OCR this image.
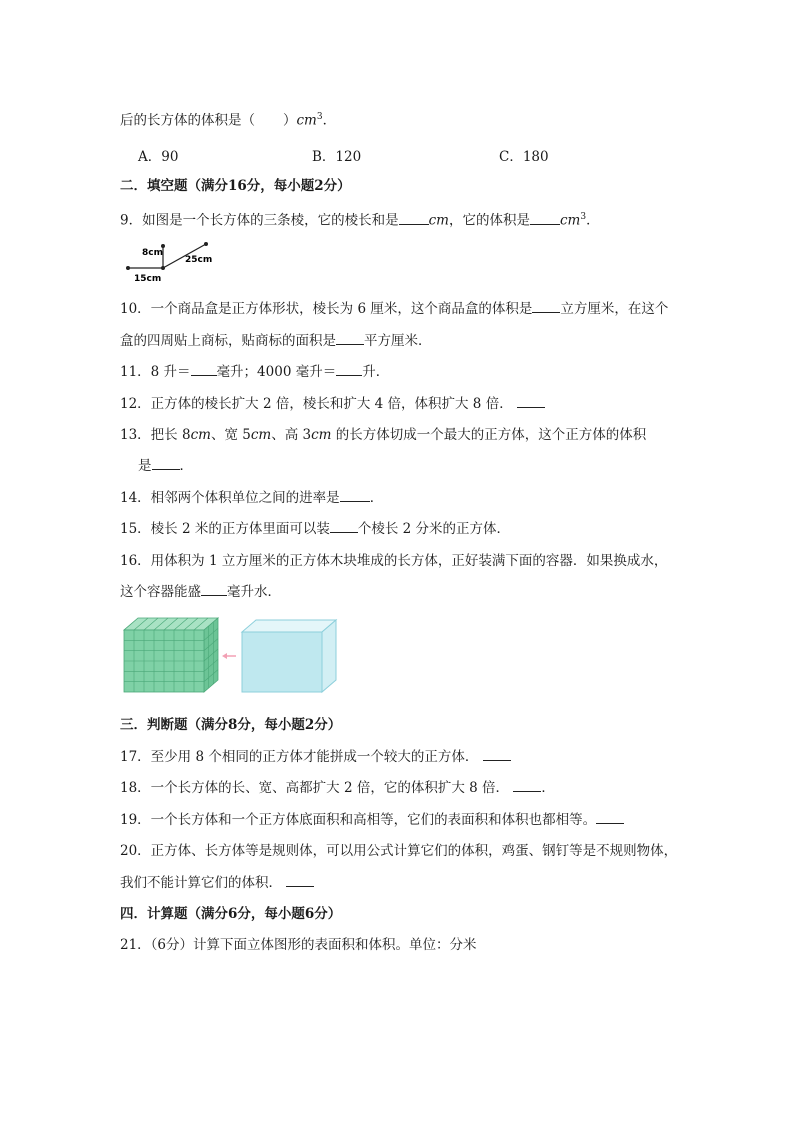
后的长方体的体积是（ ）$cm^3$．
A．90	B．120	C．180
二．填空题（满分16分，每小题2分）
9．如图是一个长方体的三条棱，它的棱长和是 cm，它的体积是 $cm^3$．
8cm
25cm
15cm
10．一个商品盒是正方体形状，棱长为 6 厘米，这个商品盒的体积是 立方厘米，在这个
盒的四周贴上商标，贴商标的面积是 平方厘米．
11．8 升＝ 毫升；4000 毫升＝ 升．
12．正方体的棱长扩大 2 倍，棱长和扩大 4 倍，体积扩大 8 倍．
13．把长 8cm、宽 5cm、高 3cm 的长方体切成一个最大的正方体，这个正方体的体积
是 ．
14．相邻两个体积单位之间的进率是 ．
15．棱长 2 米的正方体里面可以装 个棱长 2 分米的正方体．
16．用体积为 1 立方厘米的正方体木块堆成的长方体，正好装满下面的容器．如果换成水，
这个容器能盛 毫升水．
三．判断题（满分8分，每小题2分）
17．至少用 8 个相同的正方体才能拼成一个较大的正方体．
18．一个长方体的长、宽、高都扩大 2 倍，它的体积扩大 8 倍． ．
19．一个长方体和一个正方体底面积和高相等，它们的表面积和体积也都相等。
20．正方体、长方体等是规则体，可以用公式计算它们的体积，鸡蛋、钢钉等是不规则物体，
我们不能计算它们的体积．
四．计算题（满分6分，每小题6分）
21．（6分）计算下面立体图形的表面积和体积。单位：分米
